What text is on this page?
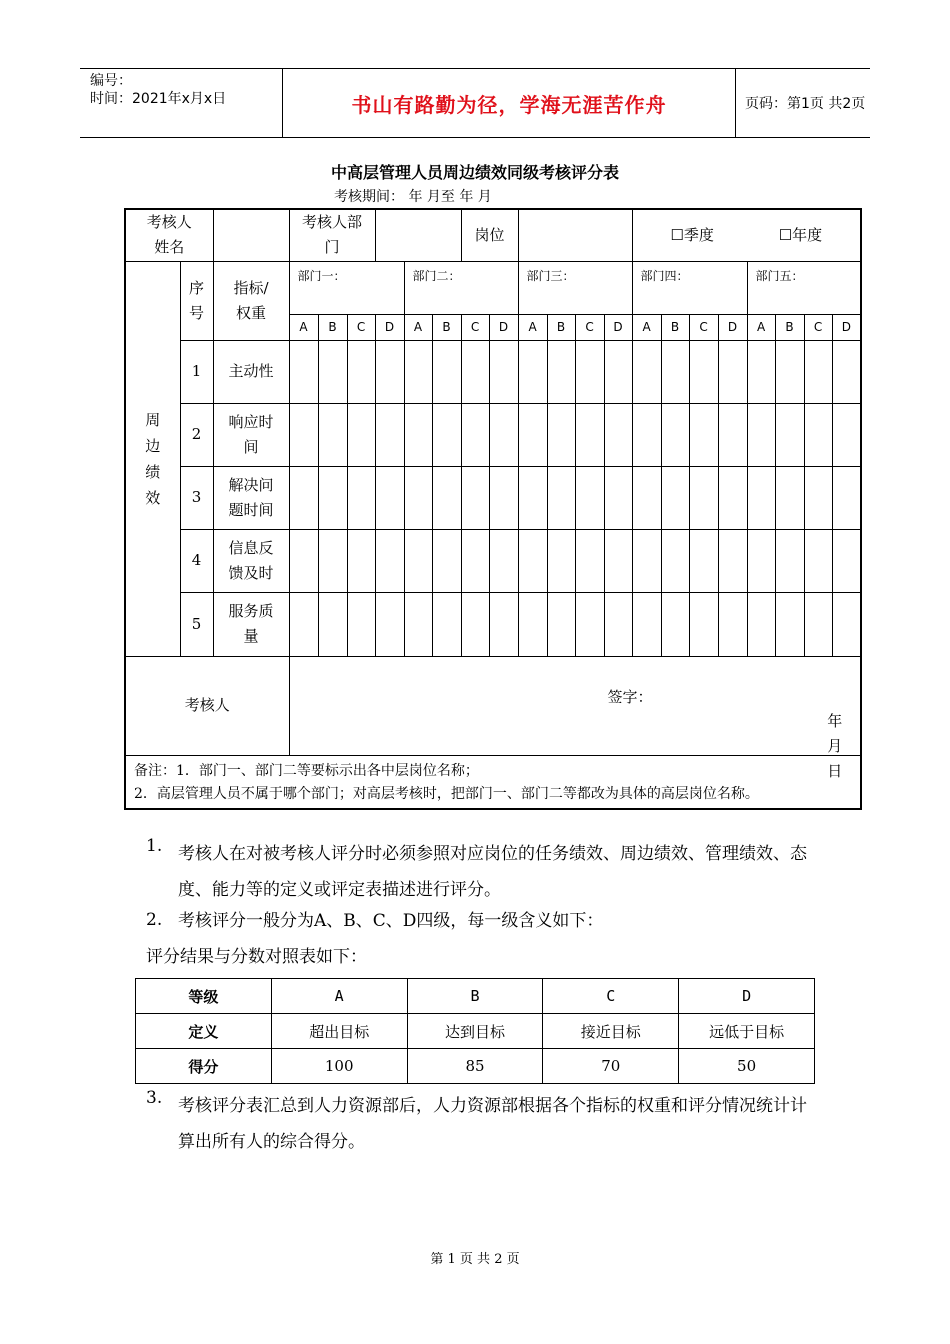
编号：
时间：2021年x月x日	书山有路勤为径，学海无涯苦作舟	页码：第1页 共2页
中高层管理人员周边绩效同级考核评分表
考核期间： 年 月至 年 月
考核人姓名			考核人部门						岗位						☐季度 ☐年度							
周边绩效	序号	指标/权重	部门一：				部门二：				部门三：				部门四：				部门五：			
			A	B	C	D	A	B	C	D	A	B	C	D	A	B	C	D	A	B	C	D
	1	主动性																				
	2	响应时间																				
	3	解决问题时间																				
	4	信息反馈及时																				
	5	服务质量																				
考核人			签字：
年 月 日																			

备注：1．部门一、部门二等要标示出各中层岗位名称；
2．高层管理人员不属于哪个部门；对高层考核时，把部门一、部门二等都改为具体的高层岗位名称。																						
1. 考核人在对被考核人评分时必须参照对应岗位的任务绩效、周边绩效、管理绩效、态度、能力等的定义或评定表描述进行评分。
2. 考核评分一般分为A、B、C、D四级，每一级含义如下：
评分结果与分数对照表如下：
等级	A	B	C	D
定义	超出目标	达到目标	接近目标	远低于目标
得分	100	85	70	50
3. 考核评分表汇总到人力资源部后，人力资源部根据各个指标的权重和评分情况统计计算出所有人的综合得分。
第 1 页 共 2 页
